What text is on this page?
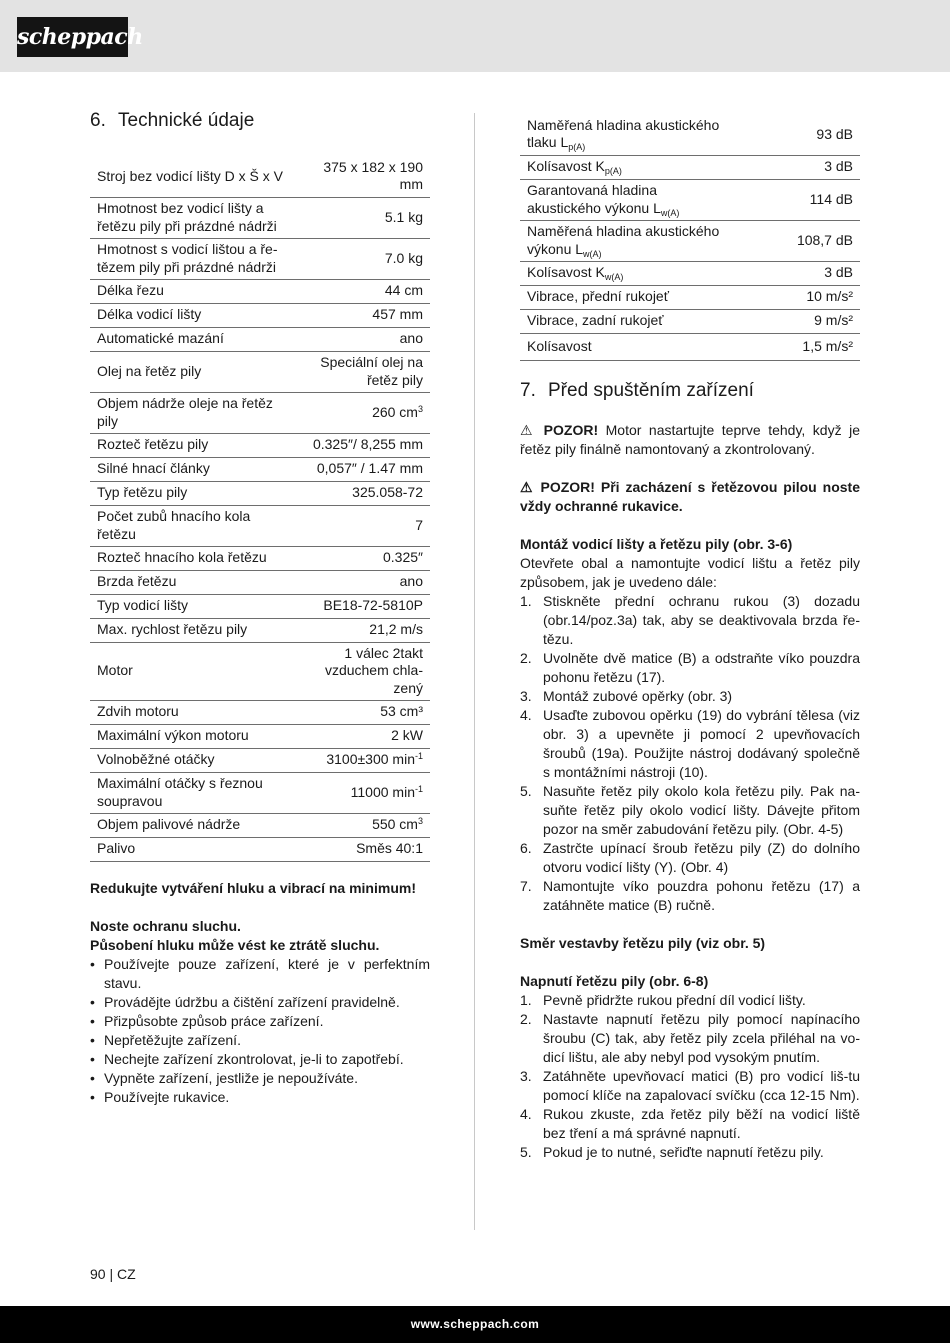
scheppach
6. Technické údaje
Stroj bez vodicí lišty D x Š x V	375 x 182 x 190 mm
Hmotnost bez vodicí lišty a řetězu pily při prázdné nádrži	5.1 kg
Hmotnost s vodicí lištou a ře-tězem pily při prázdné nádrži	7.0 kg
Délka řezu	44 cm
Délka vodicí lišty	457 mm
Automatické mazání	ano
Olej na řetěz pily	Speciální olej na řetěz pily
Objem nádrže oleje na řetěz pily	260 $cm^3$
Rozteč řetězu pily	0.325″/ 8,255 mm
Silné hnací články	0,057″ / 1.47 mm
Typ řetězu pily	325.058-72
Počet zubů hnacího kola řetězu	7
Rozteč hnacího kola řetězu	0.325″
Brzda řetězu	ano
Typ vodicí lišty	BE18-72-5810P
Max. rychlost řetězu pily	21,2 m/s
Motor	1 válec 2takt vzduchem chla-zený
Zdvih motoru	53 cm³
Maximální výkon motoru	2 kW
Volnoběžné otáčky	3100±300 $\min^{-1}$
Maximální otáčky s řeznou soupravou	11000 $\min^{-1}$
Objem palivové nádrže	550 $cm^3$
Palivo	Směs 40:1

Redukujte vytváření hluku a vibrací na minimum!

Noste ochranu sluchu.

Působení hluku může vést ke ztrátě sluchu.

• Používejte pouze zařízení, které je v perfektním stavu.
• Provádějte údržbu a čištění zařízení pravidelně.
• Přizpůsobte způsob práce zařízení.
• Nepřetěžujte zařízení.
• Nechejte zařízení zkontrolovat, je-li to zapotřebí.
• Vypněte zařízení, jestliže je nepoužíváte.
• Používejte rukavice.
Naměřená hladina akustického tlaku $L_{p(A)}$	93 dB
Kolísavost $K_{p(A)}$	3 dB
Garantovaná hladina akustického výkonu $L_{w(A)}$	114 dB
Naměřená hladina akustického výkonu $L_{w(A)}$	108,7 dB
Kolísavost $K_{w(A)}$	3 dB
Vibrace, přední rukojeť	10 m/s²
Vibrace, zadní rukojeť	9 m/s²
Kolísavost	1,5 m/s²
7. Před spuštěním zařízení

⚠ POZOR! Motor nastartujte teprve tehdy, když je řetěz pily finálně namontovaný a zkontrolovaný.

⚠ POZOR! Při zacházení s řetězovou pilou noste vždy ochranné rukavice.

Montáž vodicí lišty a řetězu pily (obr. 3-6)

Otevřete obal a namontujte vodicí lištu a řetěz pily způsobem, jak je uvedeno dále:

1. Stiskněte přední ochranu rukou (3) dozadu (obr.14/poz.3a) tak, aby se deaktivovala brzda ře-tězu.
2. Uvolněte dvě matice (B) a odstraňte víko pouzdra pohonu řetězu (17).
3. Montáž zubové opěrky (obr. 3)
4. Usaďte zubovou opěrku (19) do vybrání tělesa (viz obr. 3) a upevněte ji pomocí 2 upevňovacích šroubů (19a). Použijte nástroj dodávaný společně s montážními nástroji (10).
5. Nasuňte řetěz pily okolo kola řetězu pily. Pak na-suňte řetěz pily okolo vodicí lišty. Dávejte přitom pozor na směr zabudování řetězu pily. (Obr. 4-5)
6. Zastrčte upínací šroub řetězu pily (Z) do dolního otvoru vodicí lišty (Y). (Obr. 4)
7. Namontujte víko pouzdra pohonu řetězu (17) a zatáhněte matice (B) ručně.

Směr vestavby řetězu pily (viz obr. 5)

Napnutí řetězu pily (obr. 6-8)

1. Pevně přidržte rukou přední díl vodicí lišty.
2. Nastavte napnutí řetězu pily pomocí napínacího šroubu (C) tak, aby řetěz pily zcela přiléhal na vo-dicí lištu, ale aby nebyl pod vysokým pnutím.
3. Zatáhněte upevňovací matici (B) pro vodicí liš-tu pomocí klíče na zapalovací svíčku (cca 12-15 Nm).
4. Rukou zkuste, zda řetěz pily běží na vodicí liště bez tření a má správné napnutí.
5. Pokud je to nutné, seřiďte napnutí řetězu pily.
90 | CZ
www.scheppach.com
